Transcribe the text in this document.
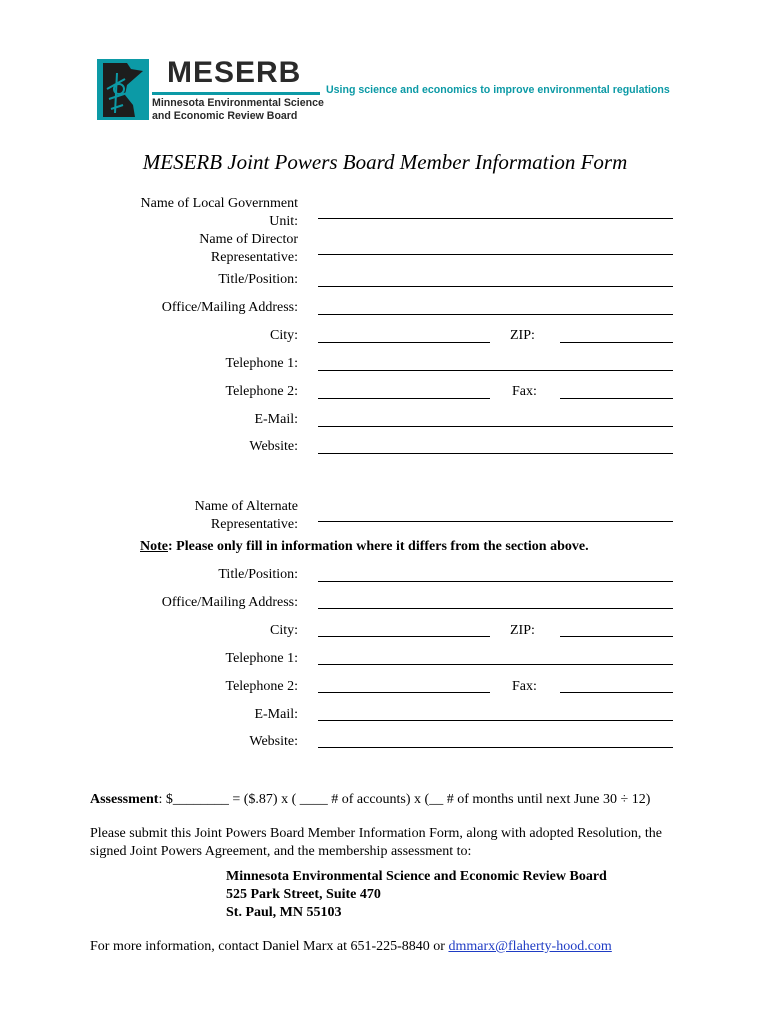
MESERB
Minnesota Environmental Science
and Economic Review Board
Using science and economics to improve environmental regulations
MESERB Joint Powers Board Member Information Form
Name of Local Government
Unit:
Name of Director
Representative:
Title/Position:
Office/Mailing Address:
City:	ZIP:
Telephone 1:
Telephone 2:	Fax:
E-Mail:
Website:
Name of Alternate
Representative:
Note: Please only fill in information where it differs from the section above.
Title/Position:
Office/Mailing Address:
City:	ZIP:
Telephone 1:
Telephone 2:	Fax:
E-Mail:
Website:
Assessment: $________ = ($.87) x ( ____ # of accounts) x (__ # of months until next June 30 ÷ 12)
Please submit this Joint Powers Board Member Information Form, along with adopted Resolution, the signed Joint Powers Agreement, and the membership assessment to:
Minnesota Environmental Science and Economic Review Board
525 Park Street, Suite 470
St. Paul, MN 55103
For more information, contact Daniel Marx at 651-225-8840 or dmmarx@flaherty-hood.com
